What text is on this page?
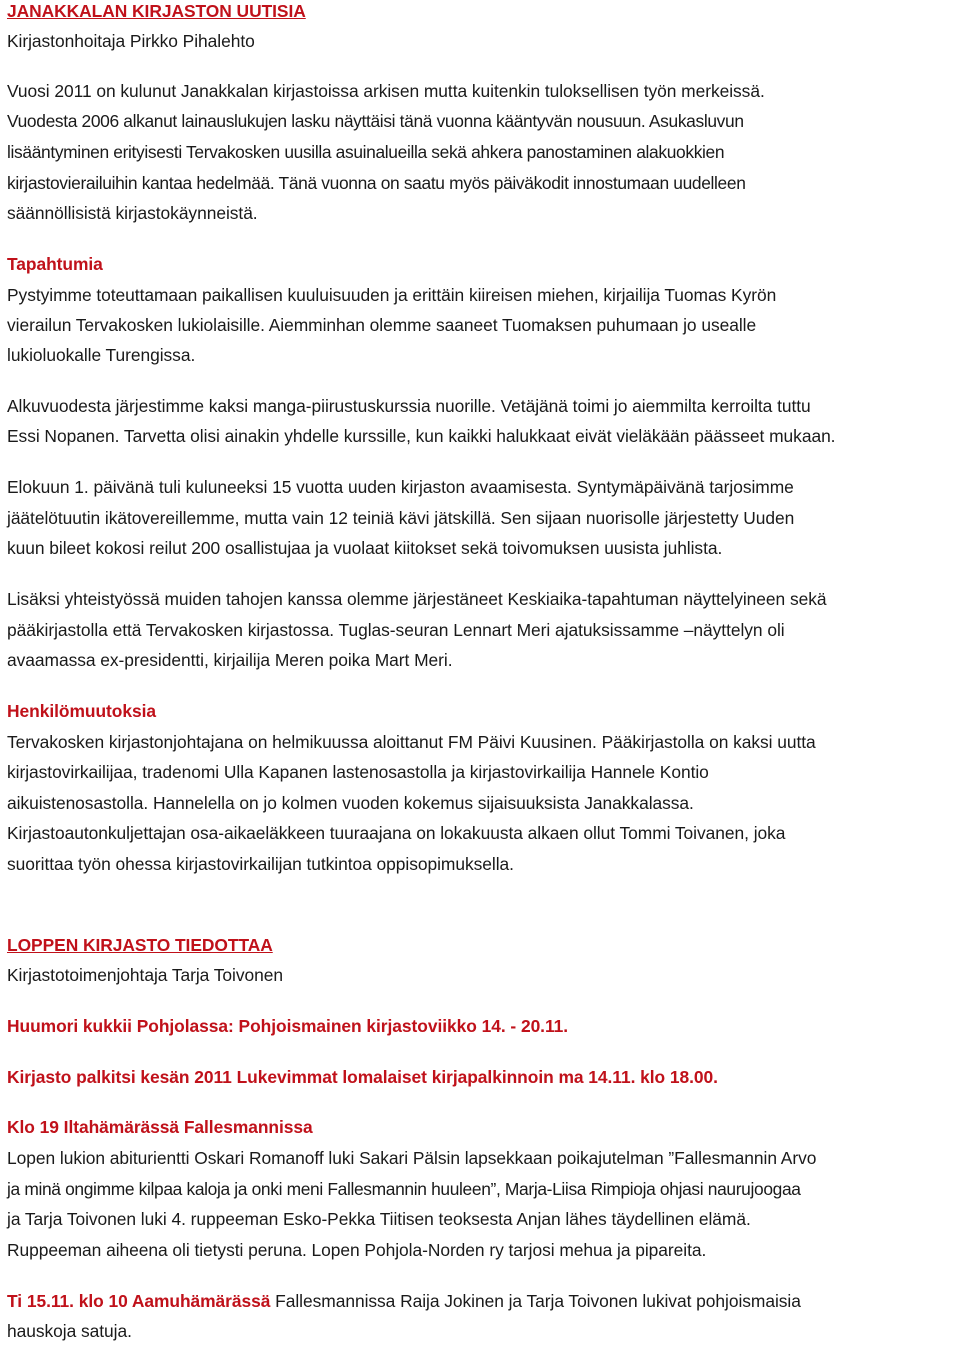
JANAKKALAN KIRJASTON UUTISIA
Kirjastonhoitaja Pirkko Pihalehto
Vuosi 2011 on kulunut Janakkalan kirjastoissa arkisen mutta kuitenkin tuloksellisen työn merkeissä.
Vuodesta 2006 alkanut lainauslukujen lasku näyttäisi tänä vuonna kääntyvän nousuun. Asukasluvun
lisääntyminen erityisesti Tervakosken uusilla asuinalueilla sekä ahkera panostaminen alakuokkien
kirjastovierailuihin kantaa hedelmää. Tänä vuonna on saatu myös päiväkodit innostumaan uudelleen
säännöllisistä kirjastokäynneistä.
Tapahtumia
Pystyimme toteuttamaan paikallisen kuuluisuuden ja erittäin kiireisen miehen, kirjailija Tuomas Kyrön
vierailun Tervakosken lukiolaisille. Aiemminhan olemme saaneet Tuomaksen puhumaan jo usealle
lukioluokalle Turengissa.
Alkuvuodesta järjestimme kaksi manga-piirustuskurssia nuorille. Vetäjänä toimi jo aiemmilta kerroilta tuttu
Essi Nopanen. Tarvetta olisi ainakin yhdelle kurssille, kun kaikki halukkaat eivät vieläkään päässeet mukaan.
Elokuun 1. päivänä tuli kuluneeksi 15 vuotta uuden kirjaston avaamisesta. Syntymäpäivänä tarjosimme
jäätelötuutin ikätovereillemme, mutta vain 12 teiniä kävi jätskillä. Sen sijaan nuorisolle järjestetty Uuden
kuun bileet kokosi reilut 200 osallistujaa ja vuolaat kiitokset sekä toivomuksen uusista juhlista.
Lisäksi yhteistyössä muiden tahojen kanssa olemme järjestäneet Keskiaika-tapahtuman näyttelyineen sekä
pääkirjastolla että Tervakosken kirjastossa. Tuglas-seuran Lennart Meri ajatuksissamme –näyttelyn oli
avaamassa ex-presidentti, kirjailija Meren poika Mart Meri.
Henkilömuutoksia
Tervakosken kirjastonjohtajana on helmikuussa aloittanut FM Päivi Kuusinen. Pääkirjastolla on kaksi uutta
kirjastovirkailijaa, tradenomi Ulla Kapanen lastenosastolla ja kirjastovirkailija Hannele Kontio
aikuistenosastolla. Hannelella on jo kolmen vuoden kokemus sijaisuuksista Janakkalassa.
Kirjastoautonkuljettajan osa-aikaeläkkeen tuuraajana on lokakuusta alkaen ollut Tommi Toivanen, joka
suorittaa työn ohessa kirjastovirkailijan tutkintoa oppisopimuksella.
LOPPEN KIRJASTO TIEDOTTAA
Kirjastotoimenjohtaja Tarja Toivonen
Huumori kukkii Pohjolassa: Pohjoismainen kirjastoviikko 14. - 20.11.
Kirjasto palkitsi kesän 2011 Lukevimmat lomalaiset kirjapalkinnoin ma 14.11. klo 18.00.
Klo 19 Iltahämärässä Fallesmannissa
Lopen lukion abiturientti Oskari Romanoff luki Sakari Pälsin lapsekkaan poikajutelman ”Fallesmannin Arvo
ja minä ongimme kilpaa kaloja ja onki meni Fallesmannin huuleen”, Marja-Liisa Rimpioja ohjasi naurujoogaa
ja Tarja Toivonen luki 4. ruppeeman Esko-Pekka Tiitisen teoksesta Anjan lähes täydellinen elämä.
Ruppeeman aiheena oli tietysti peruna. Lopen Pohjola-Norden ry tarjosi mehua ja pipareita.
Ti 15.11. klo 10 Aamuhämärässä Fallesmannissa Raija Jokinen ja Tarja Toivonen lukivat pohjoismaisia
hauskoja satuja.
